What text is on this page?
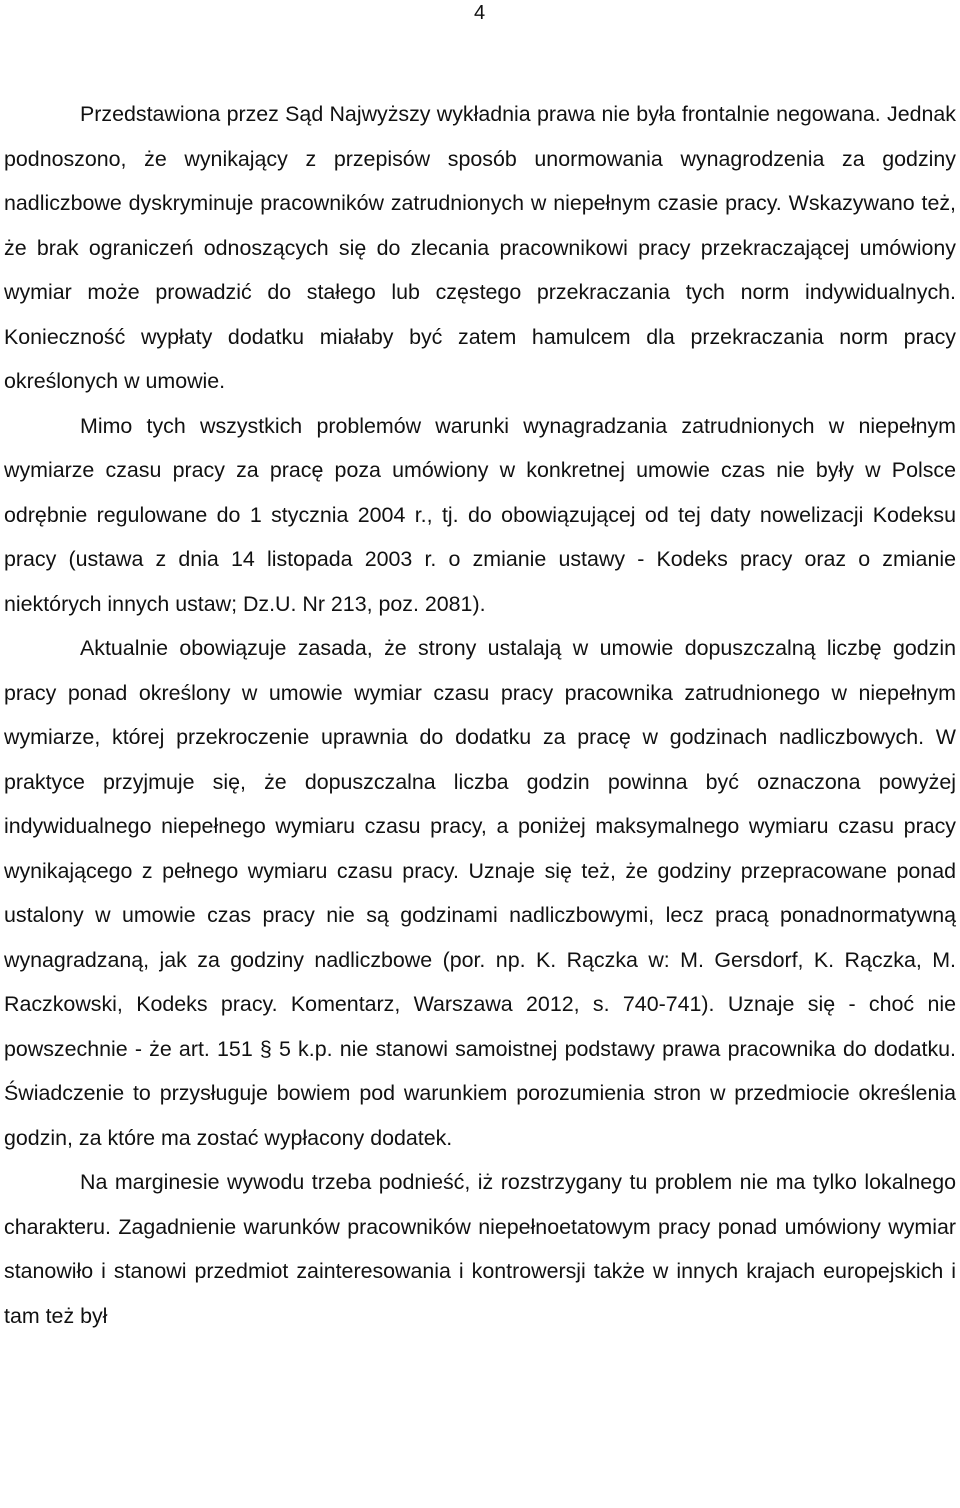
4

Przedstawiona przez Sąd Najwyższy wykładnia prawa nie była frontalnie negowana. Jednak podnoszono, że wynikający z przepisów sposób unormowania wynagrodzenia za godziny nadliczbowe dyskryminuje pracowników zatrudnionych w niepełnym czasie pracy. Wskazywano też, że brak ograniczeń odnoszących się do zlecania pracownikowi pracy przekraczającej umówiony wymiar może prowadzić do stałego lub częstego przekraczania tych norm indywidualnych. Konieczność wypłaty dodatku miałaby być zatem hamulcem dla przekraczania norm pracy określonych w umowie.

Mimo tych wszystkich problemów warunki wynagradzania zatrudnionych w niepełnym wymiarze czasu pracy za pracę poza umówiony w konkretnej umowie czas nie były w Polsce odrębnie regulowane do 1 stycznia 2004 r., tj. do obowiązującej od tej daty nowelizacji Kodeksu pracy (ustawa z dnia 14 listopada 2003 r. o zmianie ustawy - Kodeks pracy oraz o zmianie niektórych innych ustaw; Dz.U. Nr 213, poz. 2081).

Aktualnie obowiązuje zasada, że strony ustalają w umowie dopuszczalną liczbę godzin pracy ponad określony w umowie wymiar czasu pracy pracownika zatrudnionego w niepełnym wymiarze, której przekroczenie uprawnia do dodatku za pracę w godzinach nadliczbowych. W praktyce przyjmuje się, że dopuszczalna liczba godzin powinna być oznaczona powyżej indywidualnego niepełnego wymiaru czasu pracy, a poniżej maksymalnego wymiaru czasu pracy wynikającego z pełnego wymiaru czasu pracy. Uznaje się też, że godziny przepracowane ponad ustalony w umowie czas pracy nie są godzinami nadliczbowymi, lecz pracą ponadnormatywną wynagradzaną, jak za godziny nadliczbowe (por. np. K. Rączka w: M. Gersdorf, K. Rączka, M. Raczkowski, Kodeks pracy. Komentarz, Warszawa 2012, s. 740-741). Uznaje się - choć nie powszechnie - że art. 151 § 5 k.p. nie stanowi samoistnej podstawy prawa pracownika do dodatku. Świadczenie to przysługuje bowiem pod warunkiem porozumienia stron w przedmiocie określenia godzin, za które ma zostać wypłacony dodatek.

Na marginesie wywodu trzeba podnieść, iż rozstrzygany tu problem nie ma tylko lokalnego charakteru. Zagadnienie warunków pracowników niepełnoetatowym pracy ponad umówiony wymiar stanowiło i stanowi przedmiot zainteresowania i kontrowersji także w innych krajach europejskich i tam też był
